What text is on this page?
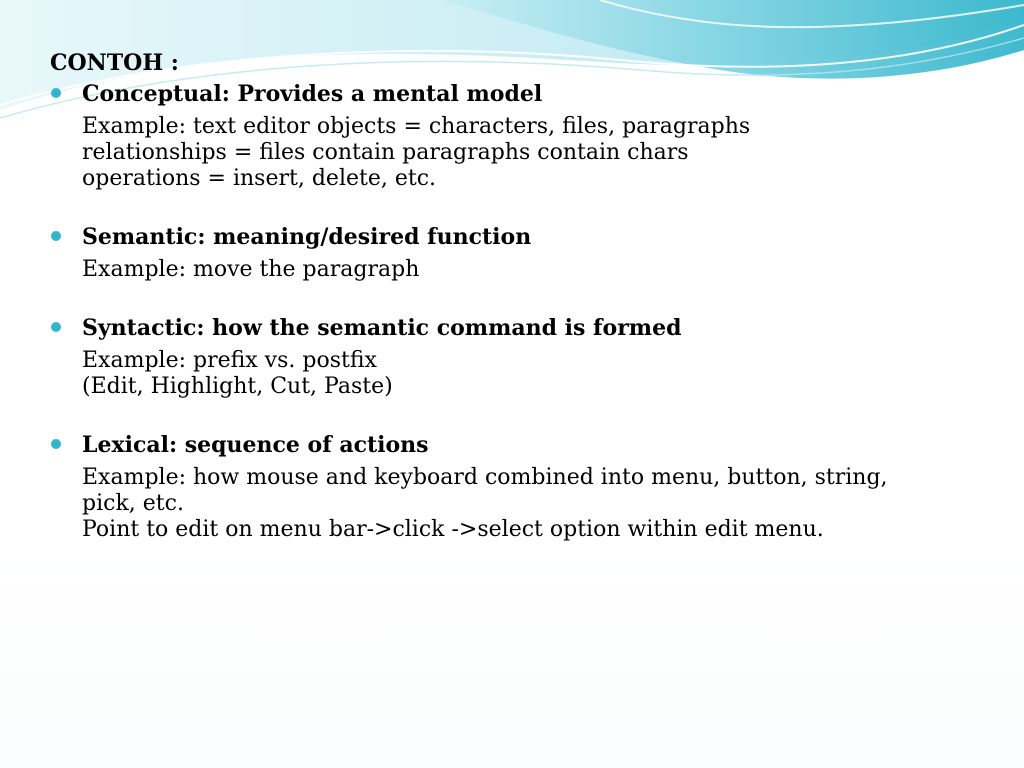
CONTOH :
Conceptual: Provides a mental model
Example: text editor objects = characters, files, paragraphs
relationships = files contain paragraphs contain chars
operations = insert, delete, etc.
Semantic: meaning/desired function
Example: move the paragraph
Syntactic: how the semantic command is formed
Example: prefix vs. postfix
(Edit, Highlight, Cut, Paste)
Lexical: sequence of actions
Example: how mouse and keyboard combined into menu, button, string,
pick, etc.
Point to edit on menu bar->click ->select option within edit menu.
